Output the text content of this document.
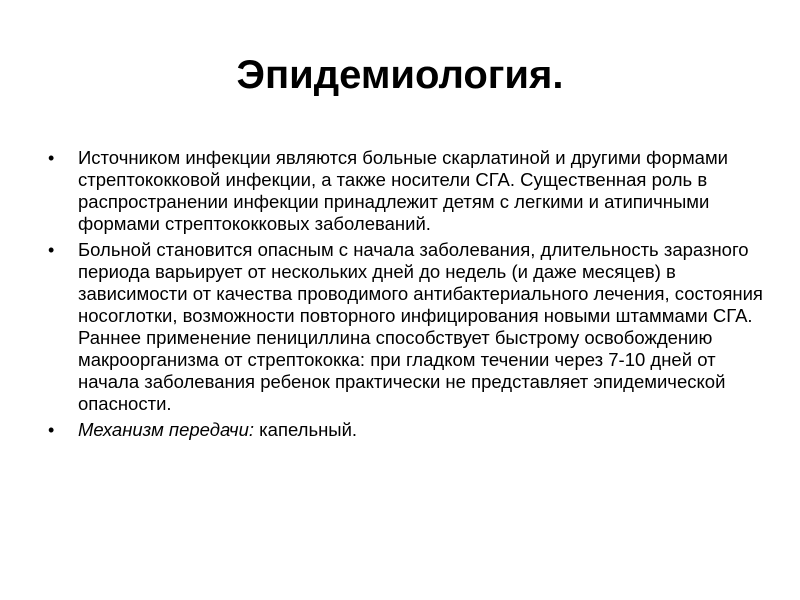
Эпидемиология.
•	Источником инфекции являются больные скарлатиной и другими формами стрептококковой инфекции, а также носители СГА. Существенная роль в распространении инфекции принадлежит детям с легкими и атипичными формами стрептококковых заболеваний.
•	Больной становится опасным с начала заболевания, длительность заразного периода варьирует от нескольких дней до недель (и даже месяцев) в зависимости от качества проводимого антибактериального лечения, состояния носоглотки, возможности повторного инфицирования новыми штаммами СГА. Раннее применение пенициллина способствует быстрому освобождению макроорганизма от стрептококка: при гладком течении через 7-10 дней от начала заболевания ребенок практически не представляет эпидемической опасности.
•	Механизм передачи: капельный.
